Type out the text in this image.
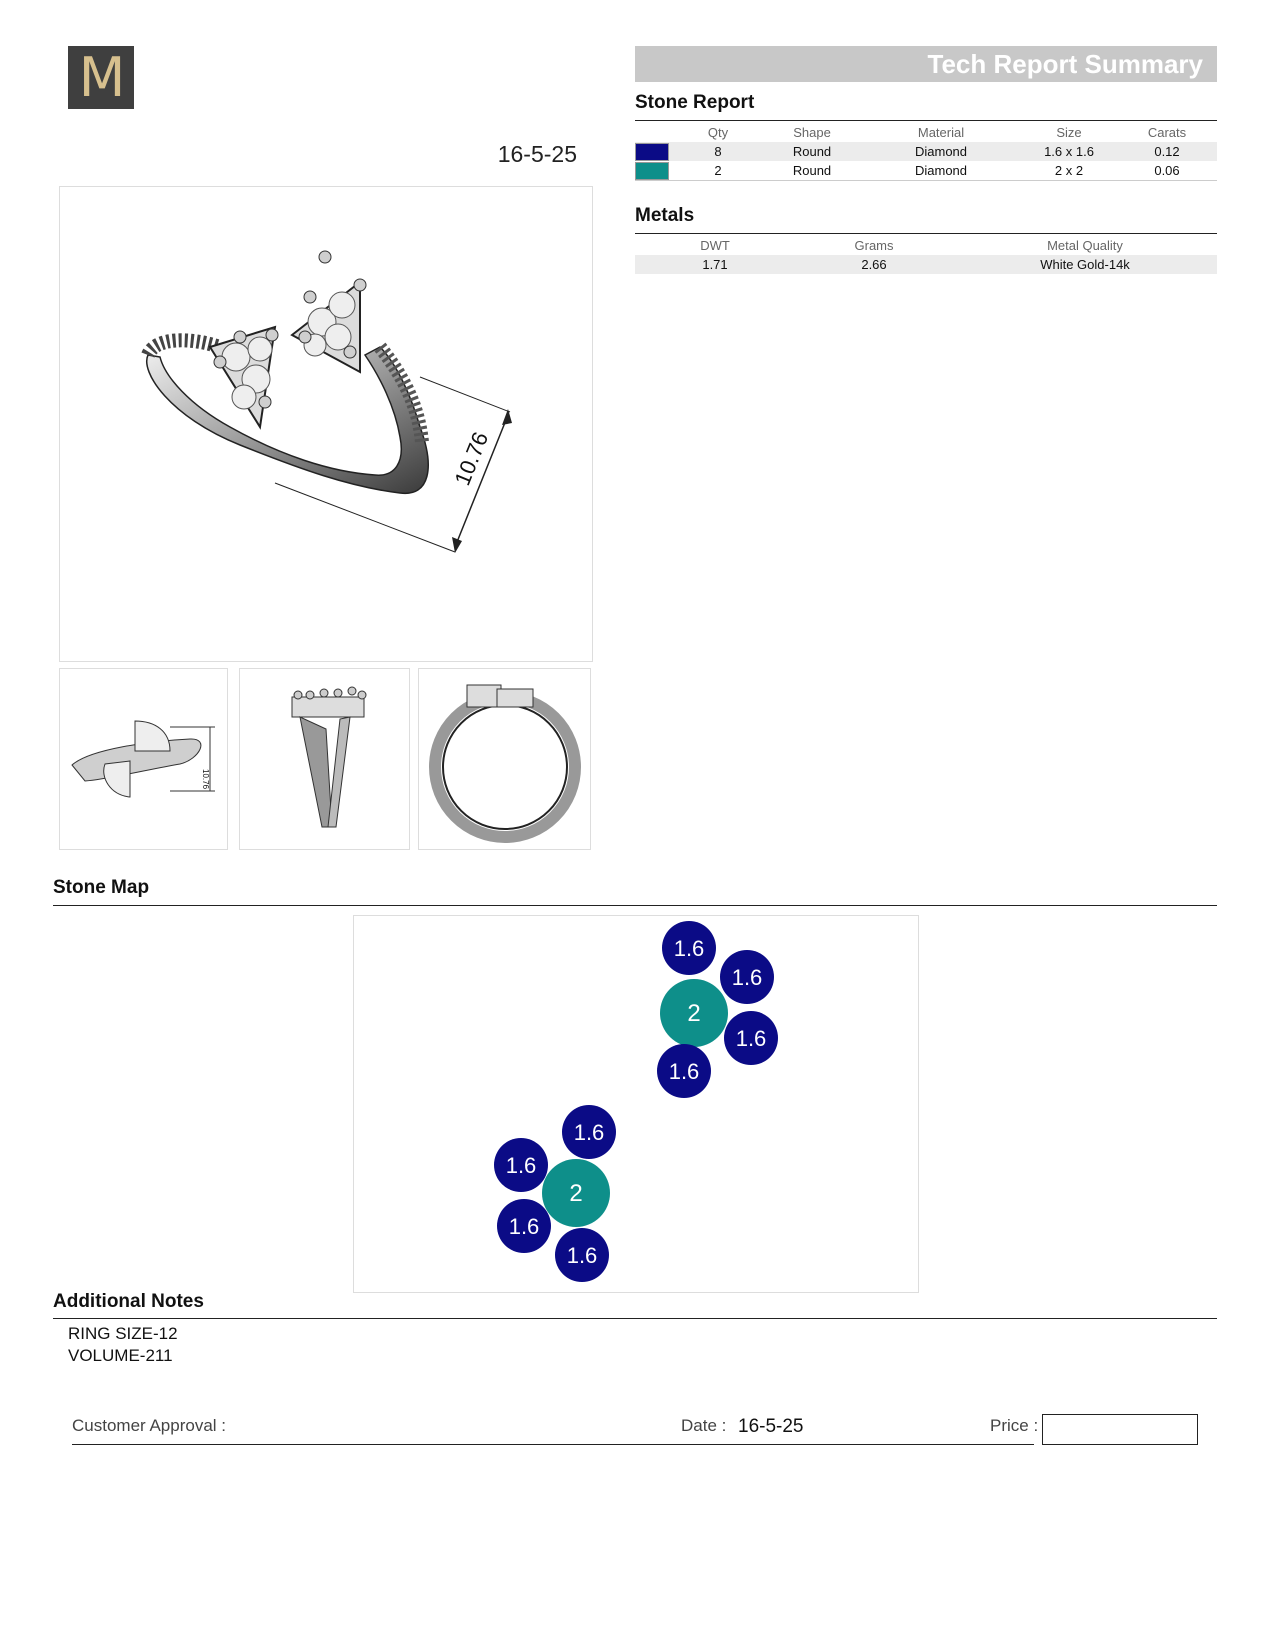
M
16-5-25
Tech Report Summary
Stone Report
	Qty	Shape	Material	Size	Carats
	8	Round	Diamond	1.6 x 1.6	0.12
	2	Round	Diamond	2 x 2	0.06
Metals
DWT	Grams	Metal Quality
1.71	2.66	White Gold-14k
10.76
10.76
Stone Map
1.6
1.6
2
1.6
1.6
1.6
1.6
2
1.6
1.6
Additional Notes
RING SIZE-12
VOLUME-211
Customer Approval :	Date : 16-5-25	Price :
